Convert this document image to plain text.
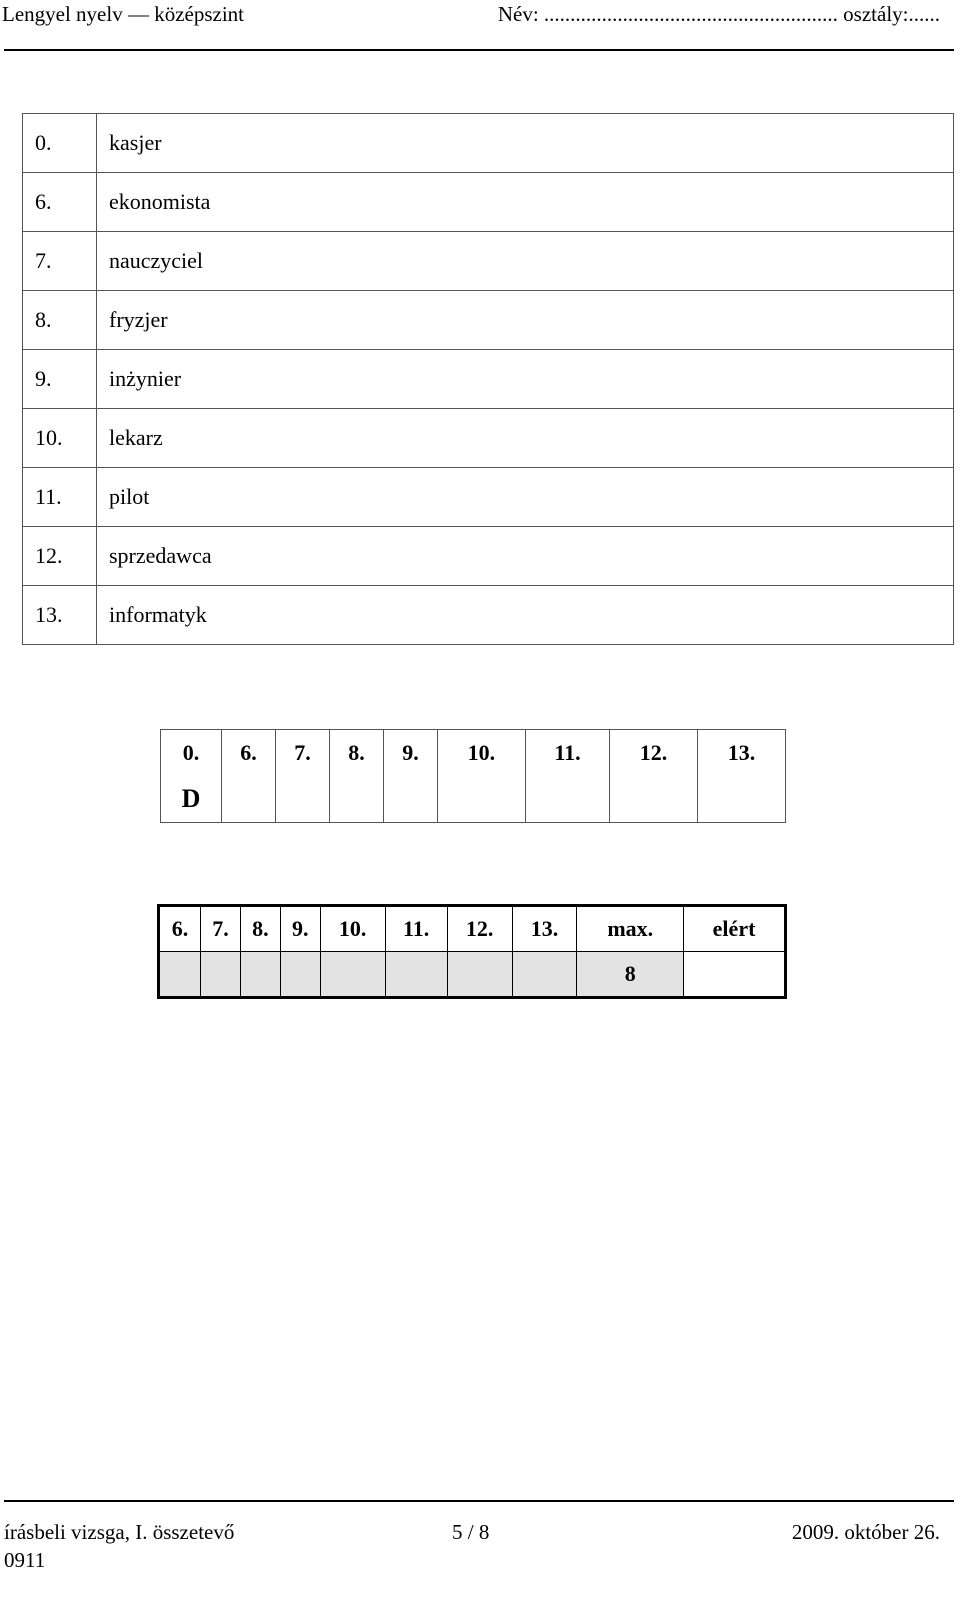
Lengyel nyelv — középszint	Név: ........................................................ osztály:......
0.	kasjer
6.	ekonomista
7.	nauczyciel
8.	fryzjer
9.	inżynier
10.	lekarz
11.	pilot
12.	sprzedawca
13.	informatyk
0.	6.	7.	8.	9.	10.	11.	12.	13.
D								
6.	7.	8.	9.	10.	11.	12.	13.	max.	elért
								8	
írásbeli vizsga, I. összetevő	5 / 8	2009. október 26.
0911
